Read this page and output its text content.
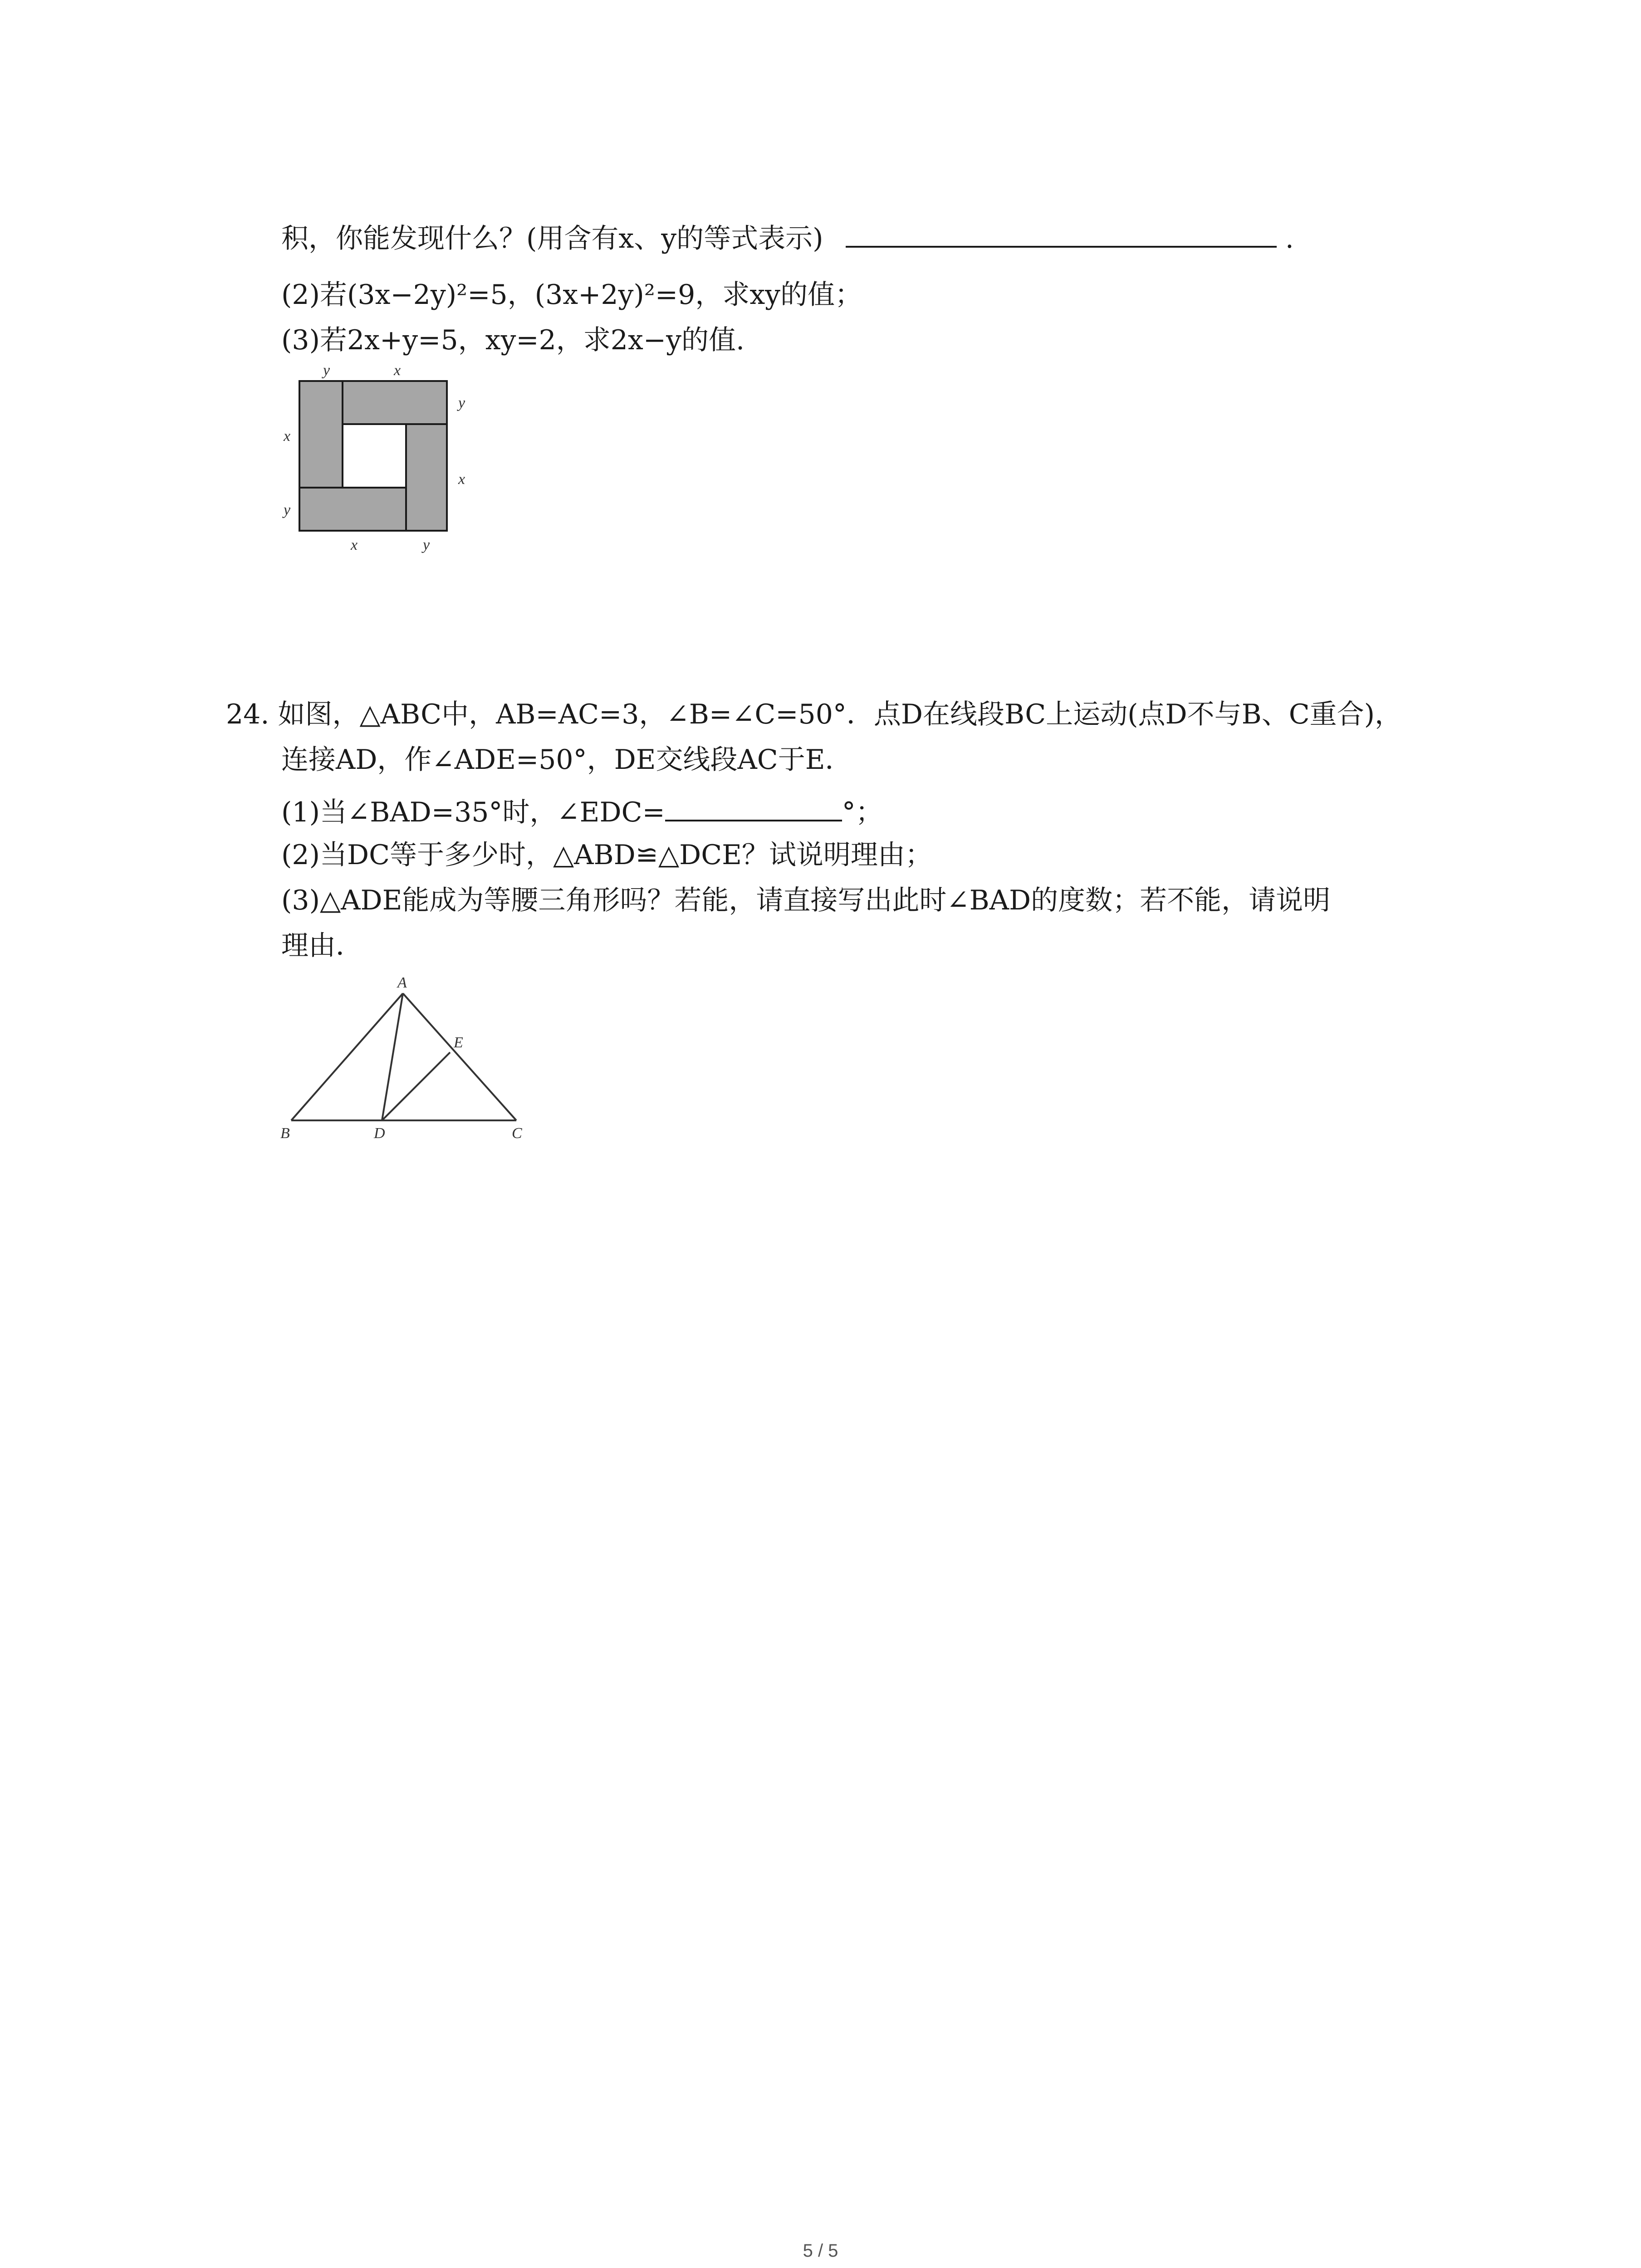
积，你能发现什么？(用含有x、y的等式表示)	.
(2)若(3x−2y)²=5，(3x+2y)²=9，求xy的值；
(3)若2x+y=5，xy=2，求2x−y的值.
y	x
y
x
x
y
x	y
24. 如图，△ABC中，AB=AC=3，∠B=∠C=50°．点D在线段BC上运动(点D不与B、C重合)，
连接AD，作∠ADE=50°，DE交线段AC于E．
(1)当∠BAD=35°时，∠EDC=	°；
(2)当DC等于多少时，△ABD≌△DCE？试说明理由；
(3)△ADE能成为等腰三角形吗？若能，请直接写出此时∠BAD的度数；若不能，请说明
理由．
A
E
B	D	C
5 / 5
